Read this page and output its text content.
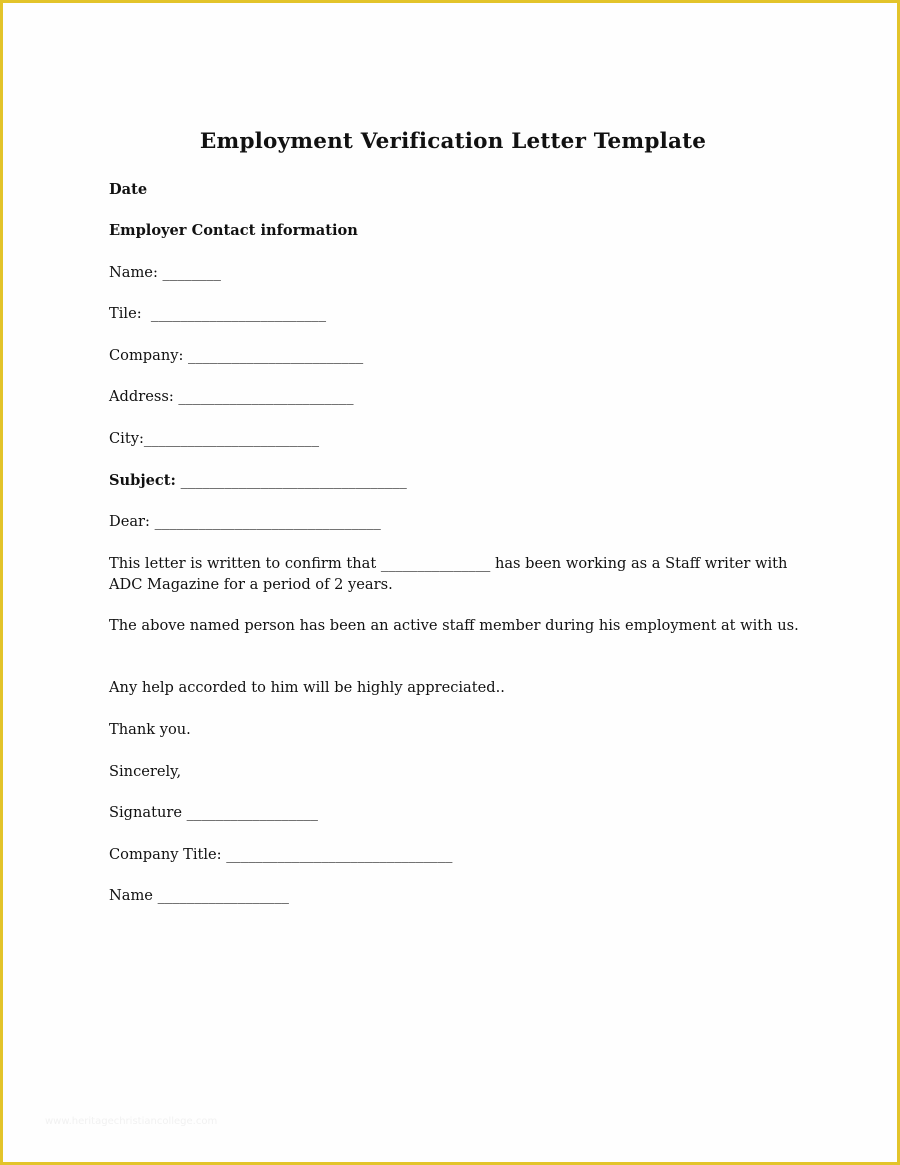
Employment Verification Letter Template
Date
Employer Contact information
Name: ________
Tile:  ________________________
Company: ________________________
Address: ________________________
City:________________________
Subject: _______________________________
Dear: _______________________________
This letter is written to confirm that _______________ has been working as a Staff writer with ADC Magazine for a period of 2 years.
The above named person has been an active staff member during his employment at with us.
Any help accorded to him will be highly appreciated..
Thank you.
Sincerely,
Signature __________________
Company Title: _______________________________
Name __________________
www.heritagechristiancollege.com
